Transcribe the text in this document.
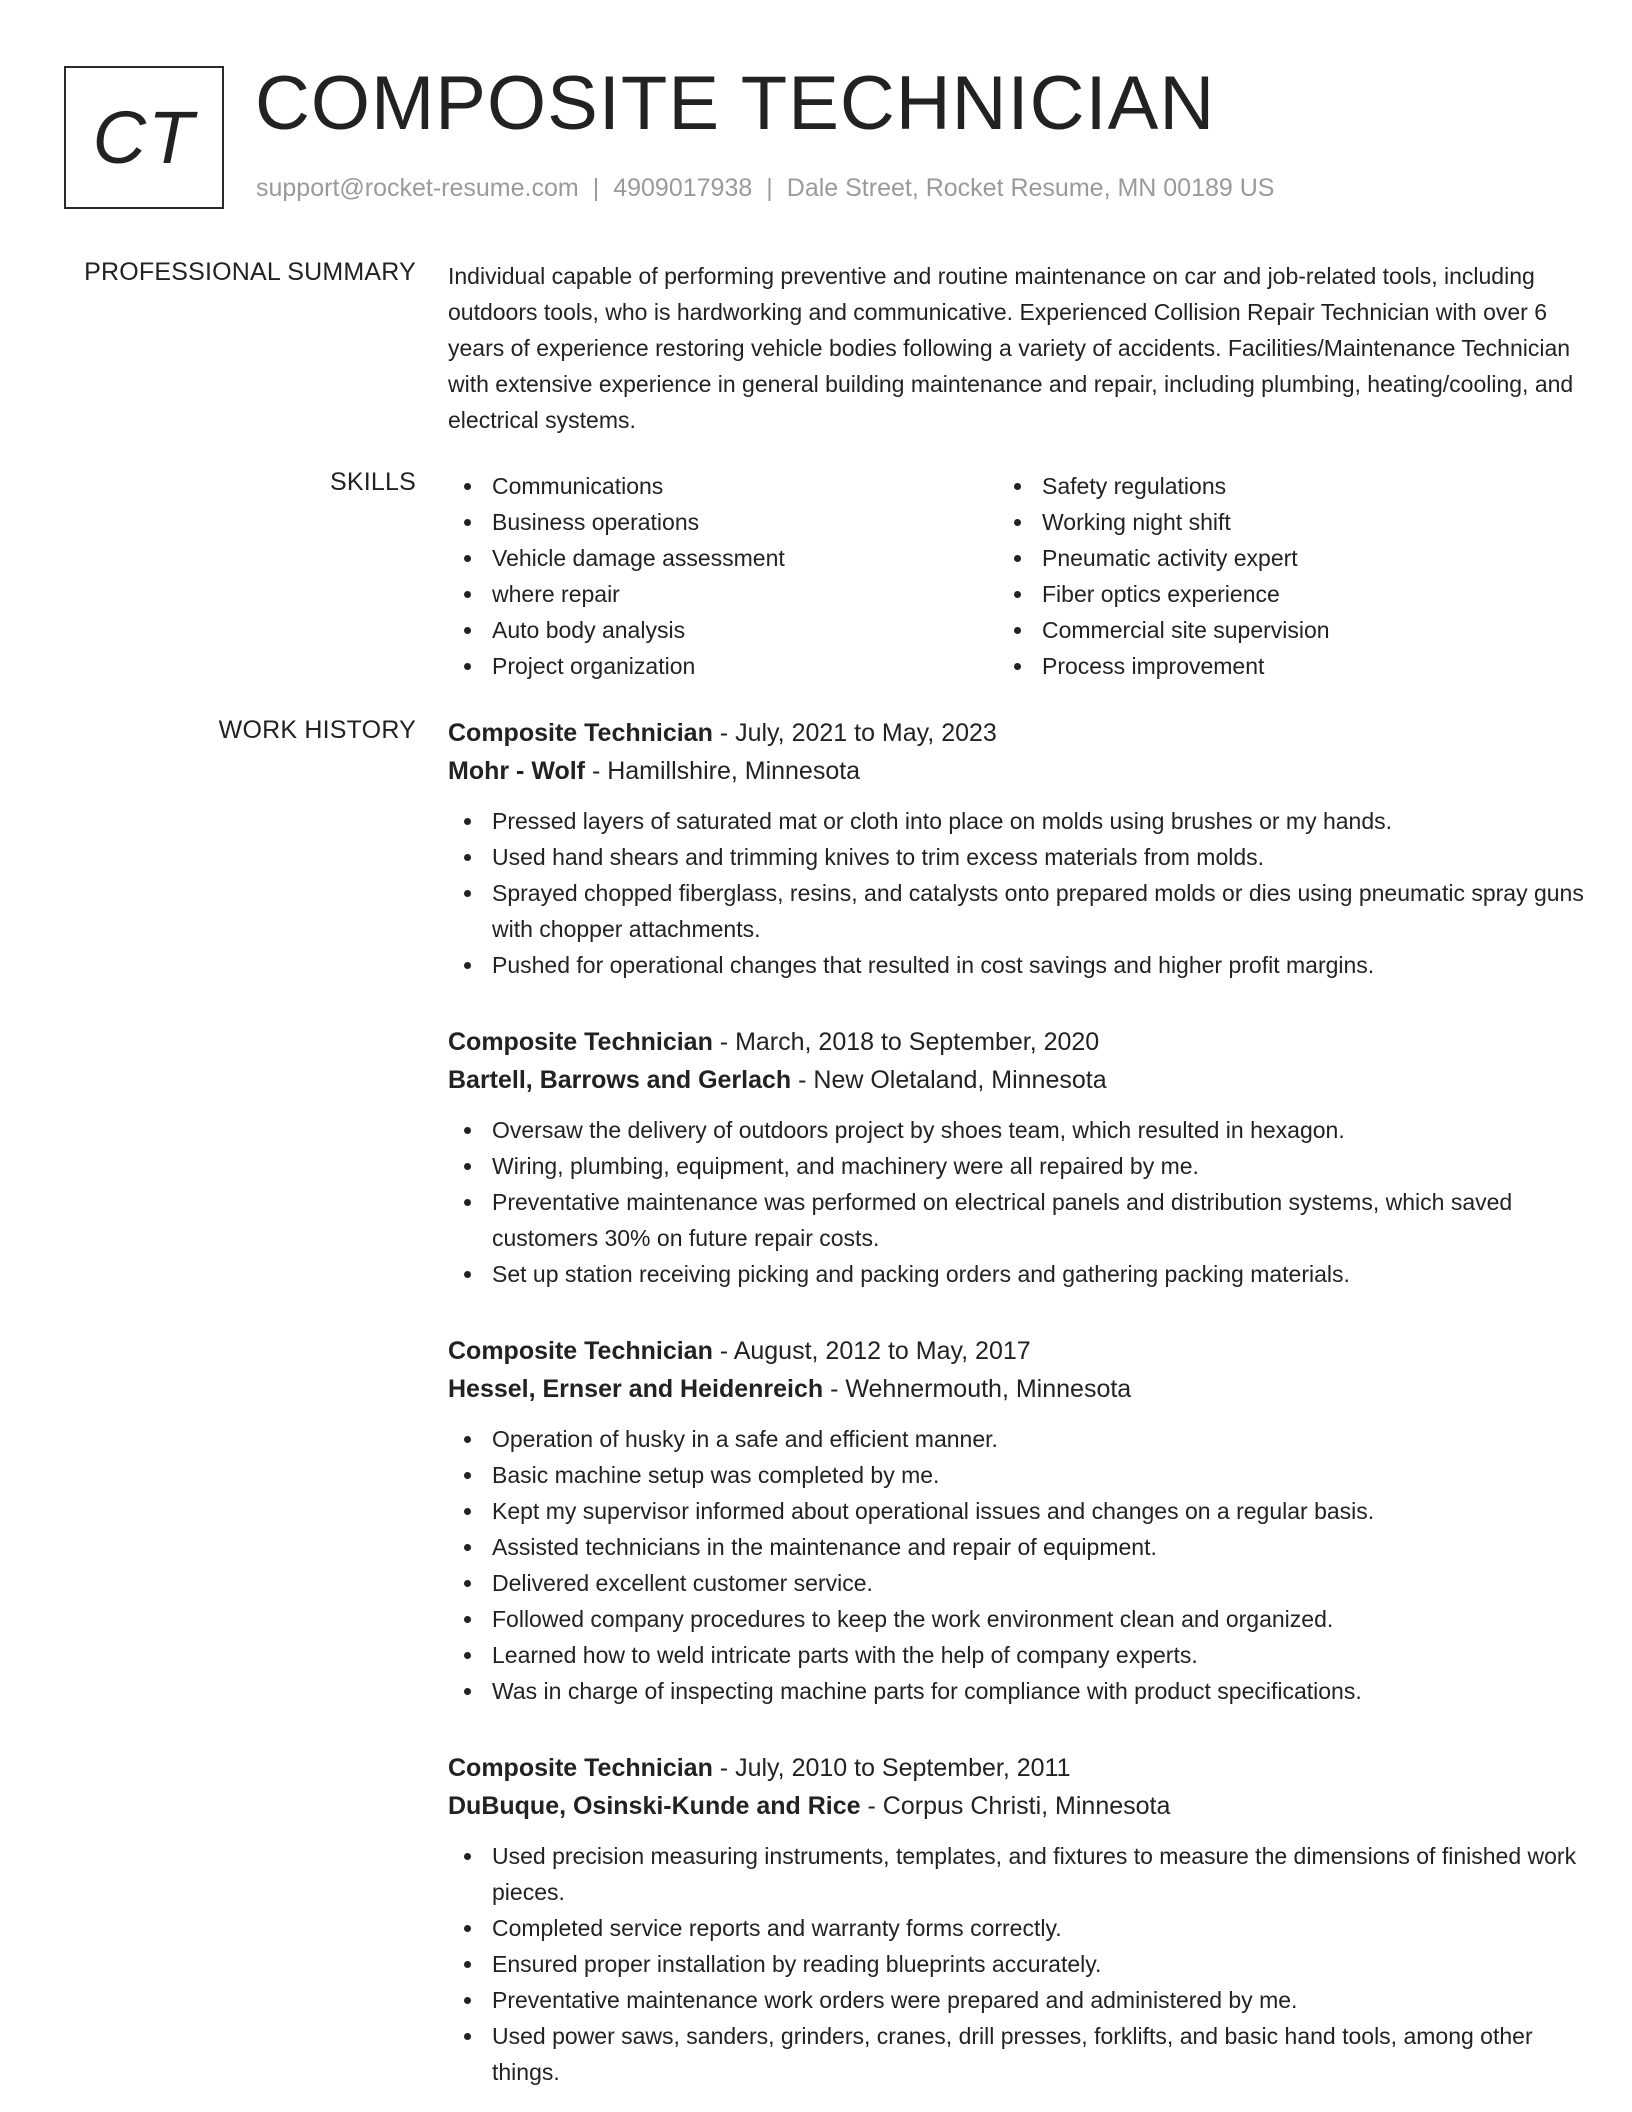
CT COMPOSITE TECHNICIAN
support@rocket-resume.com | 4909017938 | Dale Street, Rocket Resume, MN 00189 US
PROFESSIONAL SUMMARY Individual capable of performing preventive and routine maintenance on car and job-related tools, including outdoors tools, who is hardworking and communicative. Experienced Collision Repair Technician with over 6 years of experience restoring vehicle bodies following a variety of accidents. Facilities/Maintenance Technician with extensive experience in general building maintenance and repair, including plumbing, heating/cooling, and electrical systems.

SKILLS	Communications
Business operations
Vehicle damage assessment
where repair
Auto body analysis
Project organization
Safety regulations
Working night shift
Pneumatic activity expert
Fiber optics experience
Commercial site supervision
Process improvement
WORK HISTORY Composite Technician - July, 2021 to May, 2023
Mohr - Wolf - Hamillshire, Minnesota
Pressed layers of saturated mat or cloth into place on molds using brushes or my hands.
Used hand shears and trimming knives to trim excess materials from molds.
Sprayed chopped fiberglass, resins, and catalysts onto prepared molds or dies using pneumatic spray guns with chopper attachments.
Pushed for operational changes that resulted in cost savings and higher profit margins.
Composite Technician - March, 2018 to September, 2020
Bartell, Barrows and Gerlach - New Oletaland, Minnesota
Oversaw the delivery of outdoors project by shoes team, which resulted in hexagon.
Wiring, plumbing, equipment, and machinery were all repaired by me.
Preventative maintenance was performed on electrical panels and distribution systems, which saved customers 30% on future repair costs.
Set up station receiving picking and packing orders and gathering packing materials.
Composite Technician - August, 2012 to May, 2017
Hessel, Ernser and Heidenreich - Wehnermouth, Minnesota
Operation of husky in a safe and efficient manner.
Basic machine setup was completed by me.
Kept my supervisor informed about operational issues and changes on a regular basis.
Assisted technicians in the maintenance and repair of equipment.
Delivered excellent customer service.
Followed company procedures to keep the work environment clean and organized.
Learned how to weld intricate parts with the help of company experts.
Was in charge of inspecting machine parts for compliance with product specifications.
Composite Technician - July, 2010 to September, 2011
DuBuque, Osinski-Kunde and Rice - Corpus Christi, Minnesota
Used precision measuring instruments, templates, and fixtures to measure the dimensions of finished work pieces.
Completed service reports and warranty forms correctly.
Ensured proper installation by reading blueprints accurately.
Preventative maintenance work orders were prepared and administered by me.
Used power saws, sanders, grinders, cranes, drill presses, forklifts, and basic hand tools, among other things.
